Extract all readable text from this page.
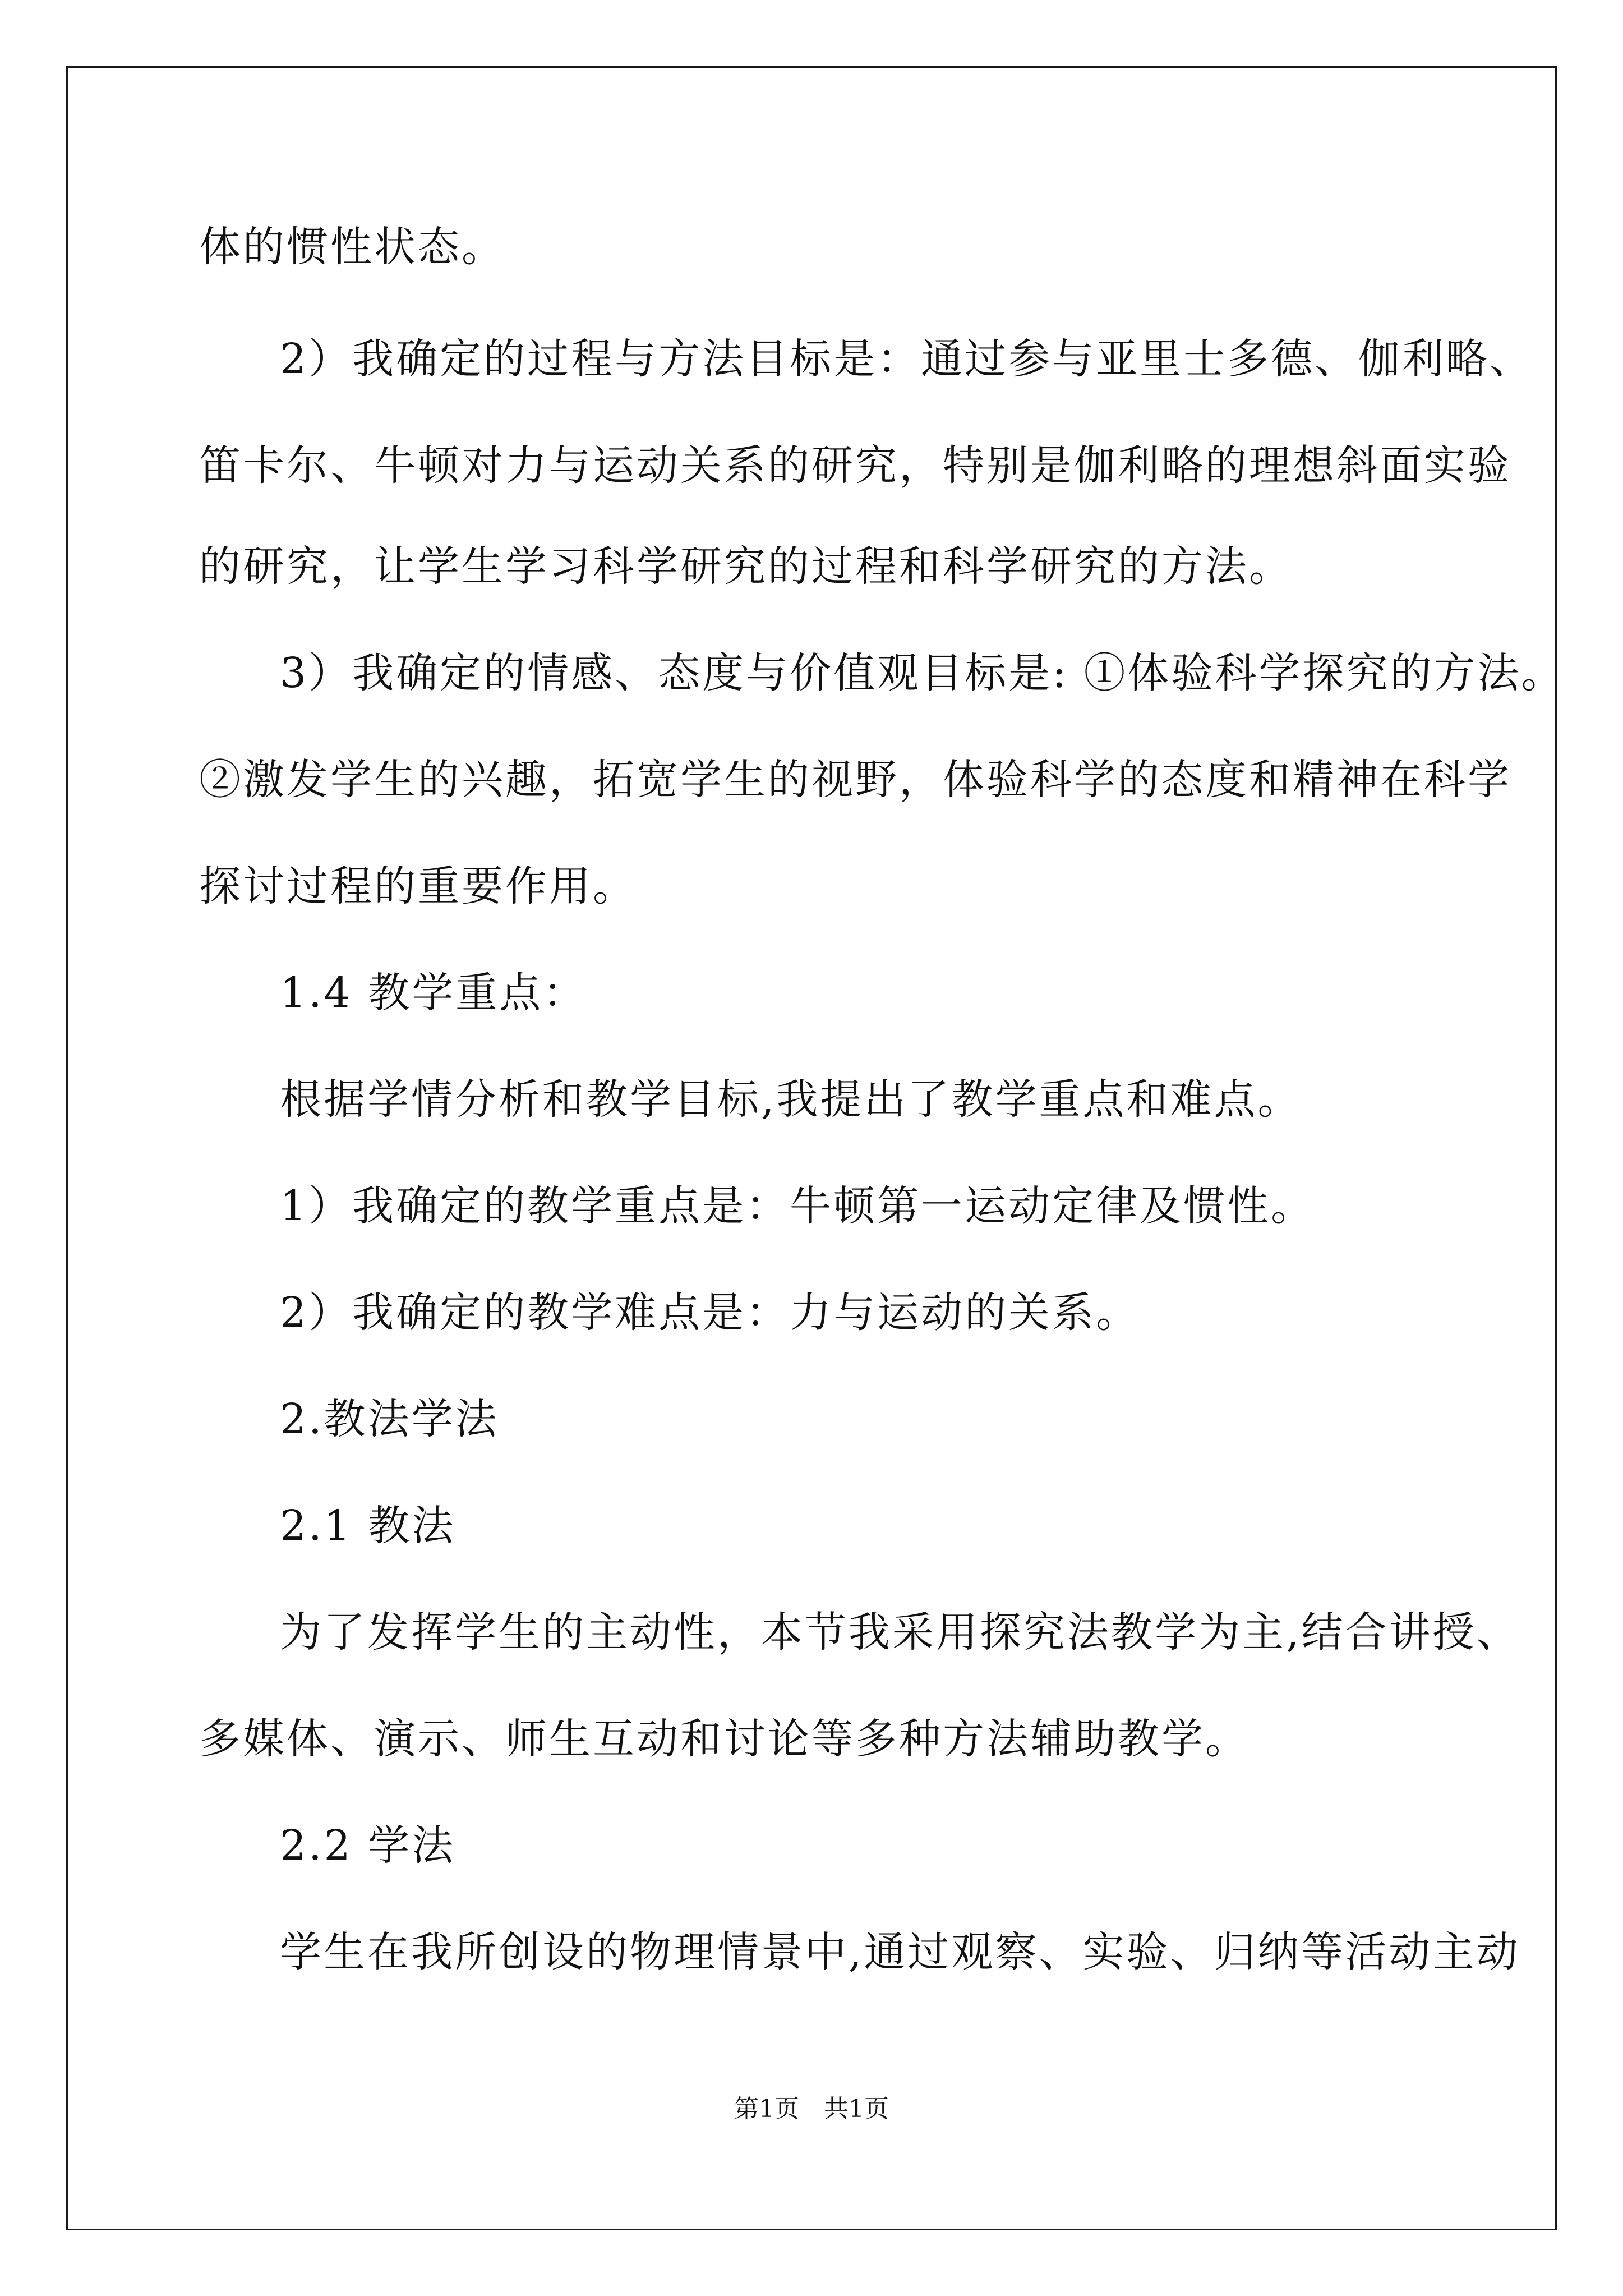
体的惯性状态。
2）我确定的过程与方法目标是：通过参与亚里士多德、伽利略、
笛卡尔、牛顿对力与运动关系的研究，特别是伽利略的理想斜面实验
的研究，让学生学习科学研究的过程和科学研究的方法。
3）我确定的情感、态度与价值观目标是: ①体验科学探究的方法。
②激发学生的兴趣，拓宽学生的视野，体验科学的态度和精神在科学
探讨过程的重要作用。
1.4 教学重点：
根据学情分析和教学目标,我提出了教学重点和难点。
1）我确定的教学重点是：牛顿第一运动定律及惯性。
2）我确定的教学难点是：力与运动的关系。
2.教法学法
2.1 教法
为了发挥学生的主动性，本节我采用探究法教学为主,结合讲授、
多媒体、演示、师生互动和讨论等多种方法辅助教学。
2.2 学法
学生在我所创设的物理情景中,通过观察、实验、归纳等活动主动
第1页 共1页
